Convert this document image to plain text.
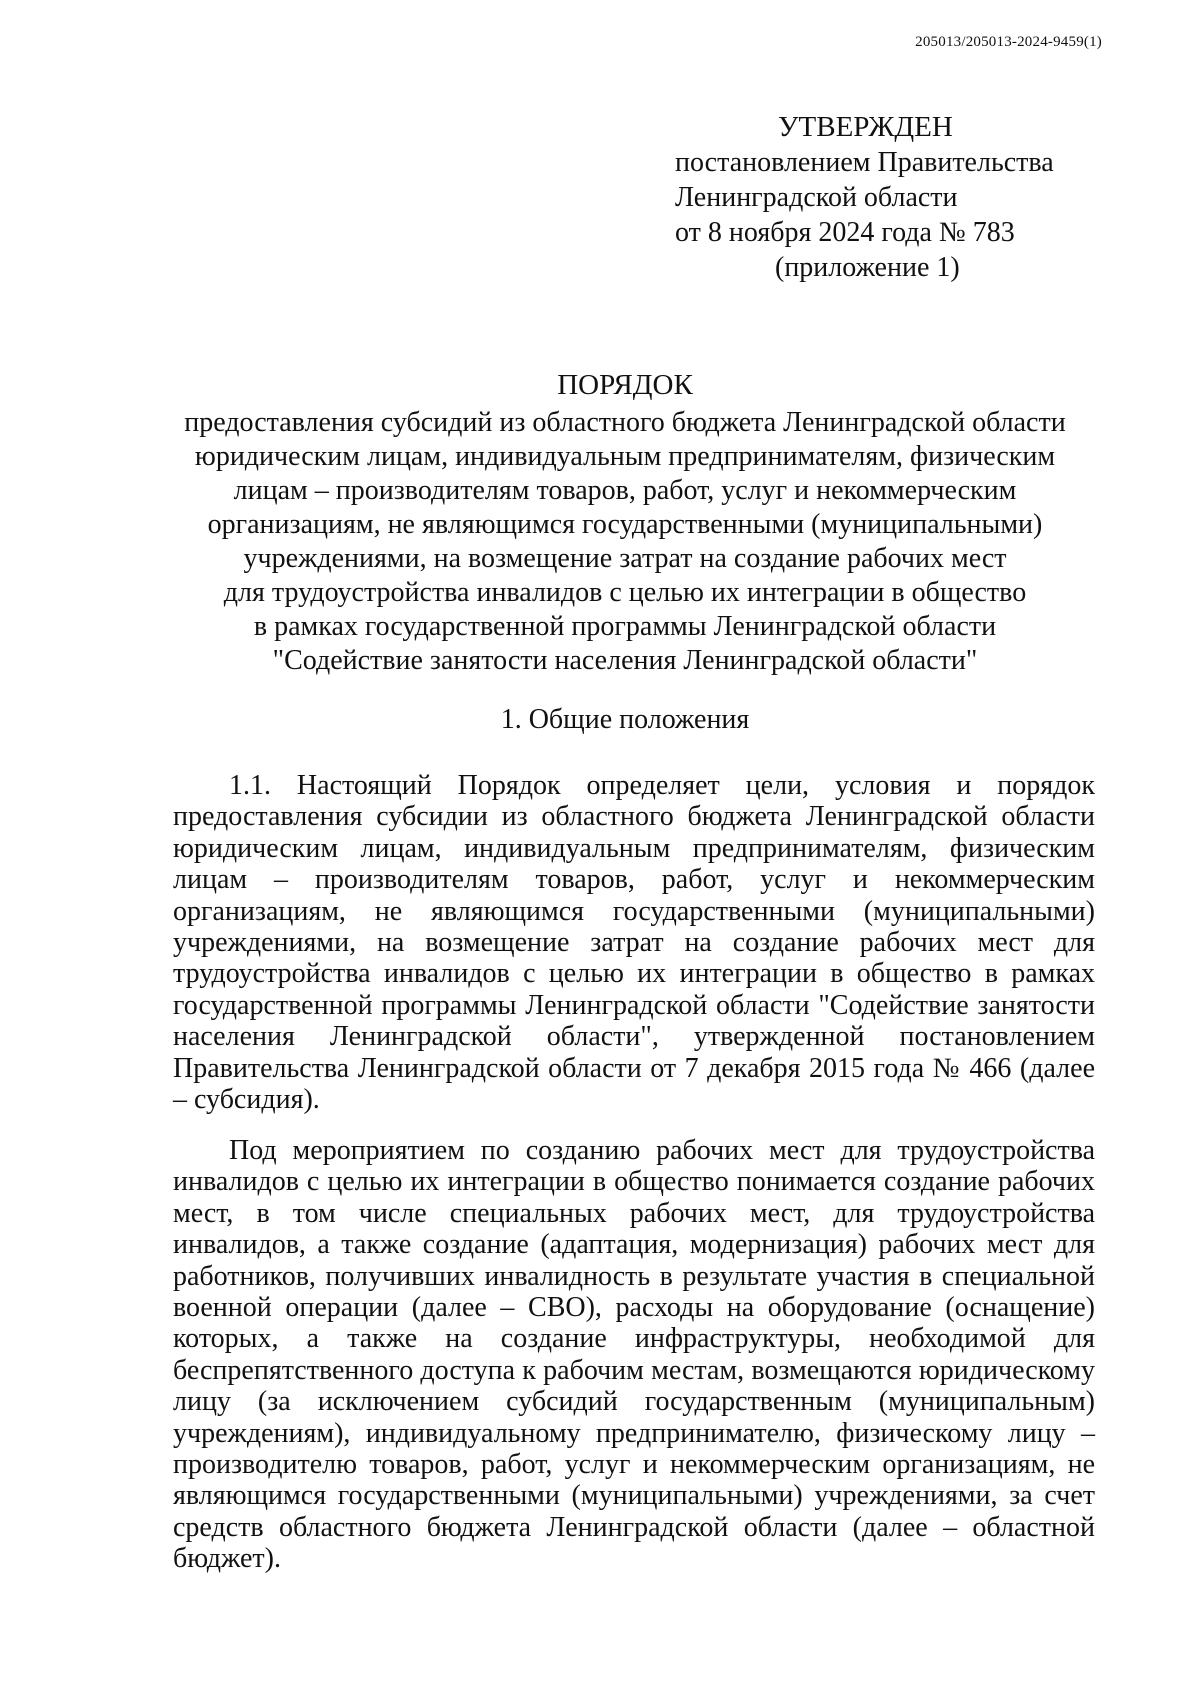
205013/205013-2024-9459(1)
УТВЕРЖДЕН
постановлением Правительства
Ленинградской области
от 8 ноября 2024 года № 783
(приложение 1)
ПОРЯДОК
предоставления субсидий из областного бюджета Ленинградской области
юридическим лицам, индивидуальным предпринимателям, физическим
лицам – производителям товаров, работ, услуг и некоммерческим
организациям, не являющимся государственными (муниципальными)
учреждениями, на возмещение затрат на создание рабочих мест
для трудоустройства инвалидов с целью их интеграции в общество
в рамках государственной программы Ленинградской области
"Содействие занятости населения Ленинградской области"
1. Общие положения

1.1. Настоящий Порядок определяет цели, условия и порядок предоставления субсидии из областного бюджета Ленинградской области юридическим лицам, индивидуальным предпринимателям, физическим лицам – производителям товаров, работ, услуг и некоммерческим организациям, не являющимся государственными (муниципальными) учреждениями, на возмещение затрат на создание рабочих мест для трудоустройства инвалидов с целью их интеграции в общество в рамках государственной программы Ленинградской области "Содействие занятости населения Ленинградской области", утвержденной постановлением Правительства Ленинградской области от 7 декабря 2015 года № 466 (далее – субсидия).

Под мероприятием по созданию рабочих мест для трудоустройства инвалидов с целью их интеграции в общество понимается создание рабочих мест, в том числе специальных рабочих мест, для трудоустройства инвалидов, а также создание (адаптация, модернизация) рабочих мест для работников, получивших инвалидность в результате участия в специальной военной операции (далее – СВО), расходы на оборудование (оснащение) которых, а также на создание инфраструктуры, необходимой для беспрепятственного доступа к рабочим местам, возмещаются юридическому лицу (за исключением субсидий государственным (муниципальным) учреждениям), индивидуальному предпринимателю, физическому лицу – производителю товаров, работ, услуг и некоммерческим организациям, не являющимся государственными (муниципальными) учреждениями, за счет средств областного бюджета Ленинградской области (далее – областной бюджет).
